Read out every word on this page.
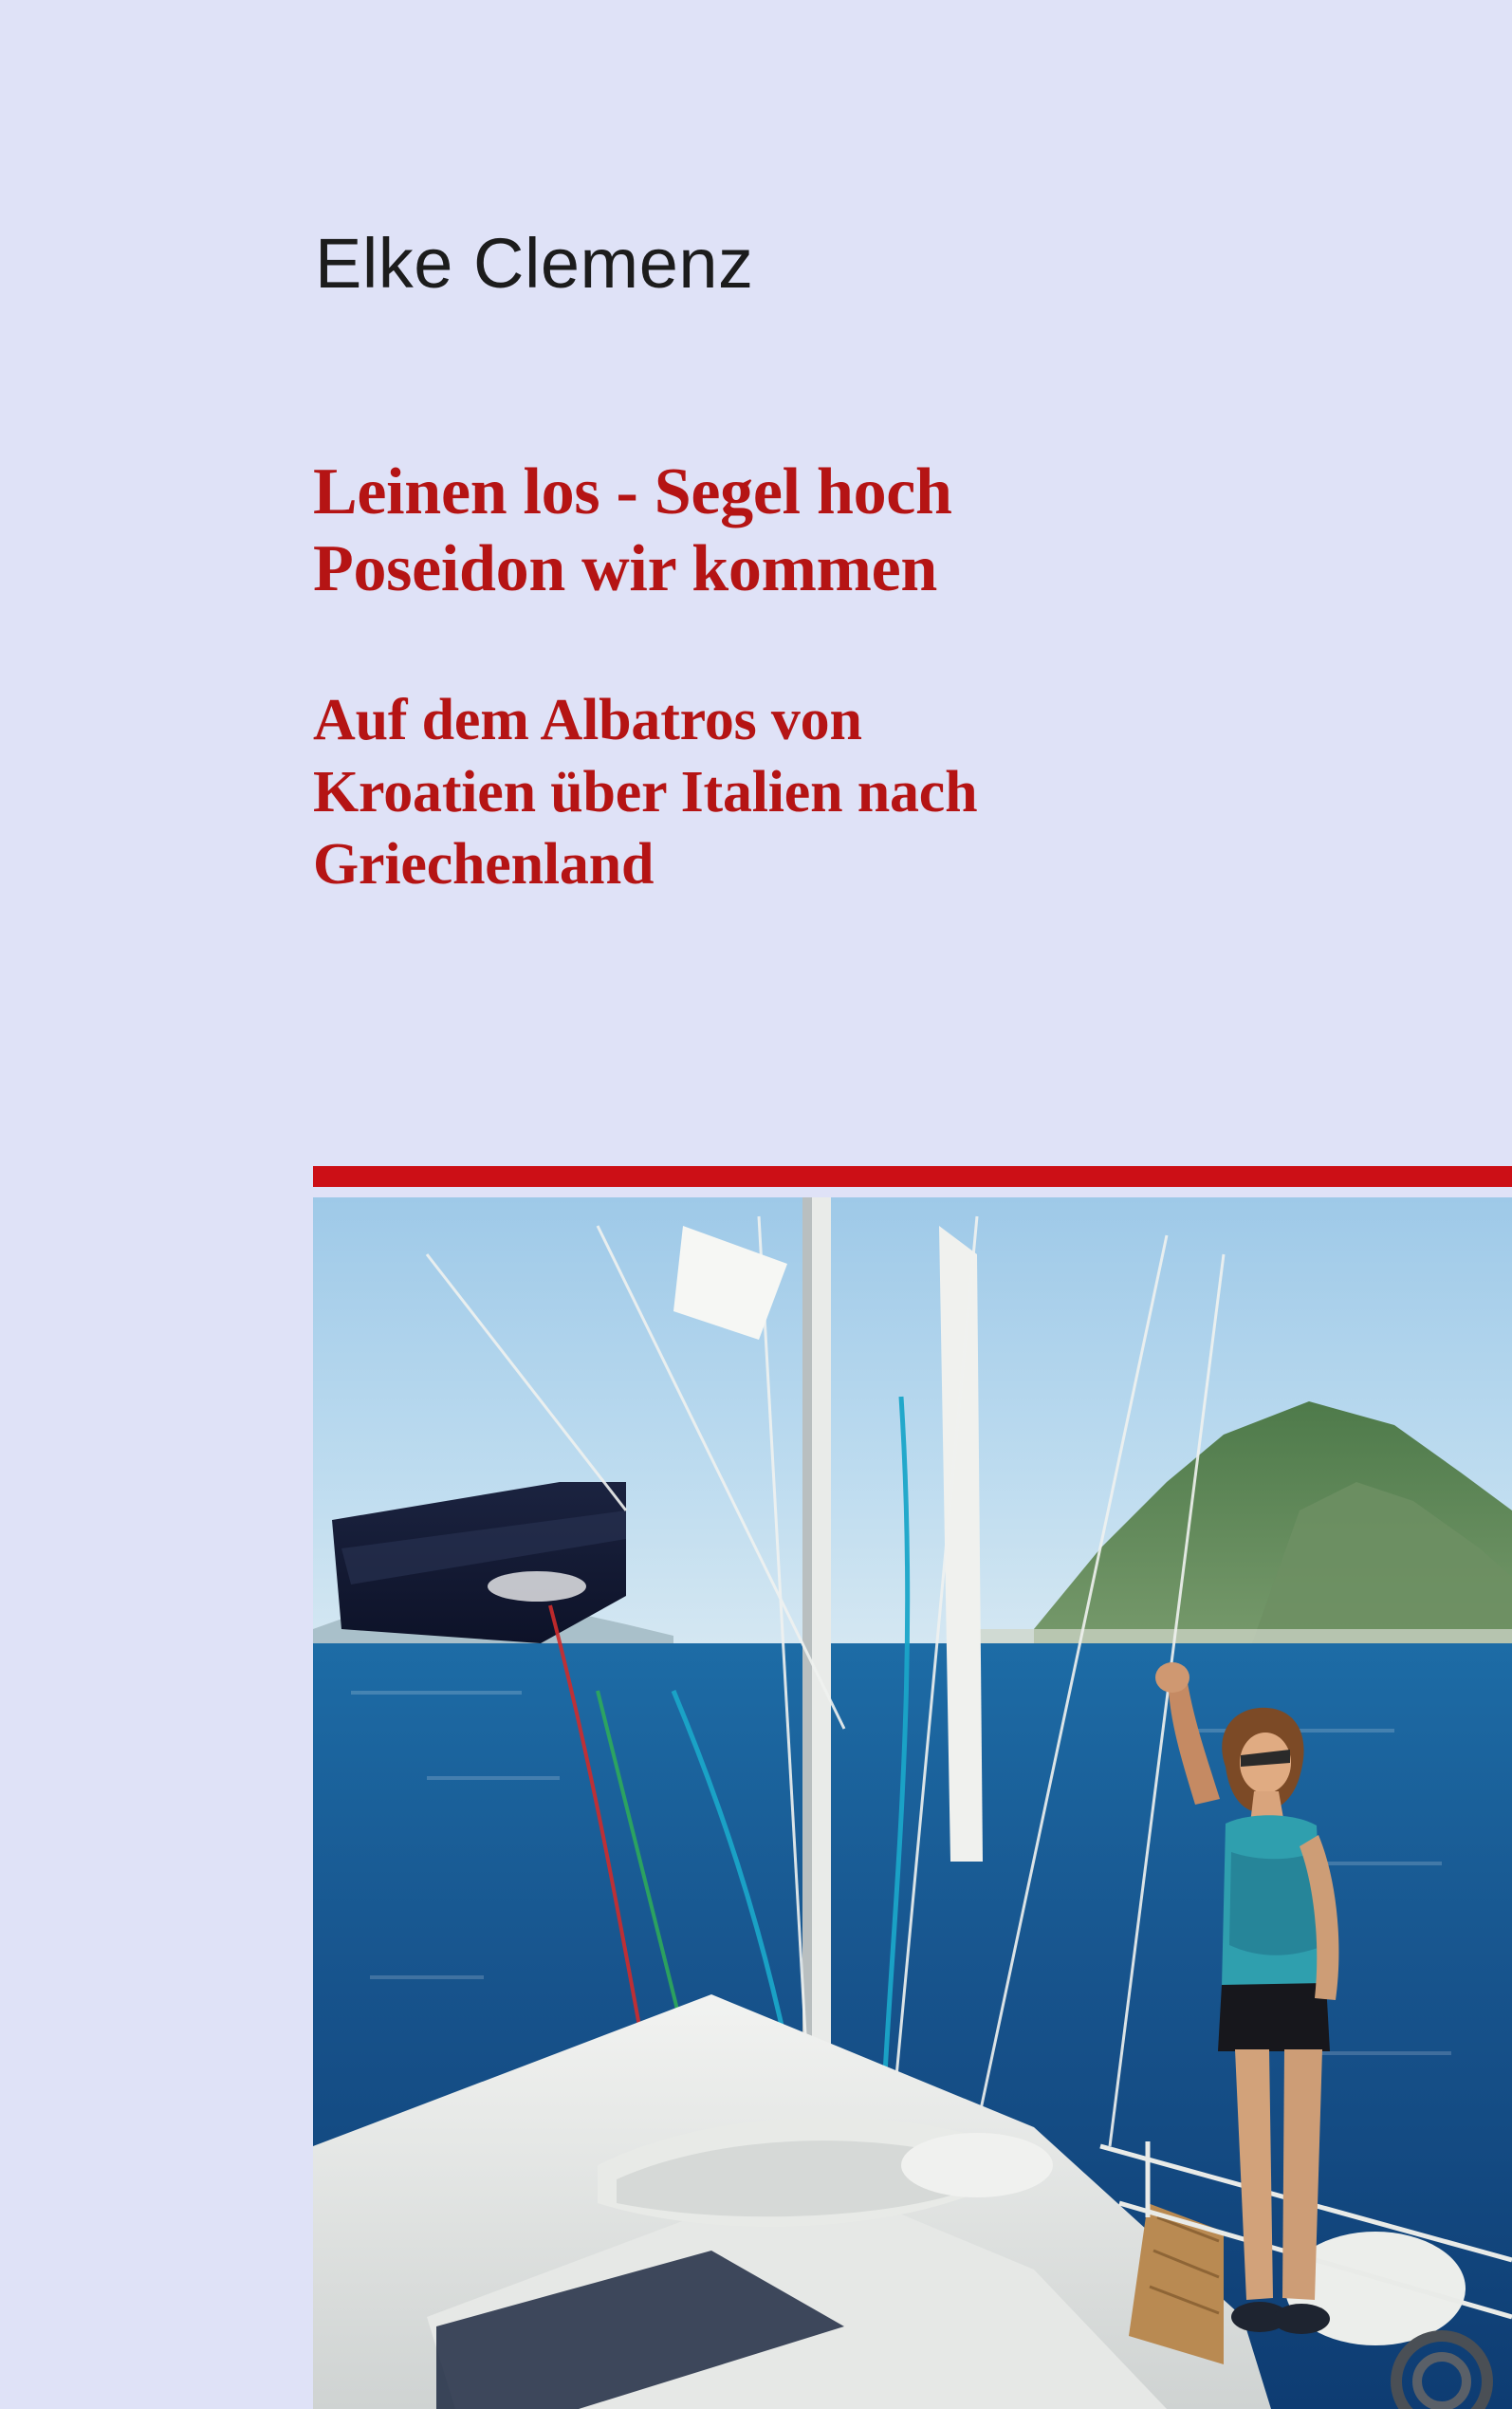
Elke Clemenz
Leinen los - Segel hoch
Poseidon wir kommen
Auf dem Albatros von
Kroatien über Italien nach
Griechenland
